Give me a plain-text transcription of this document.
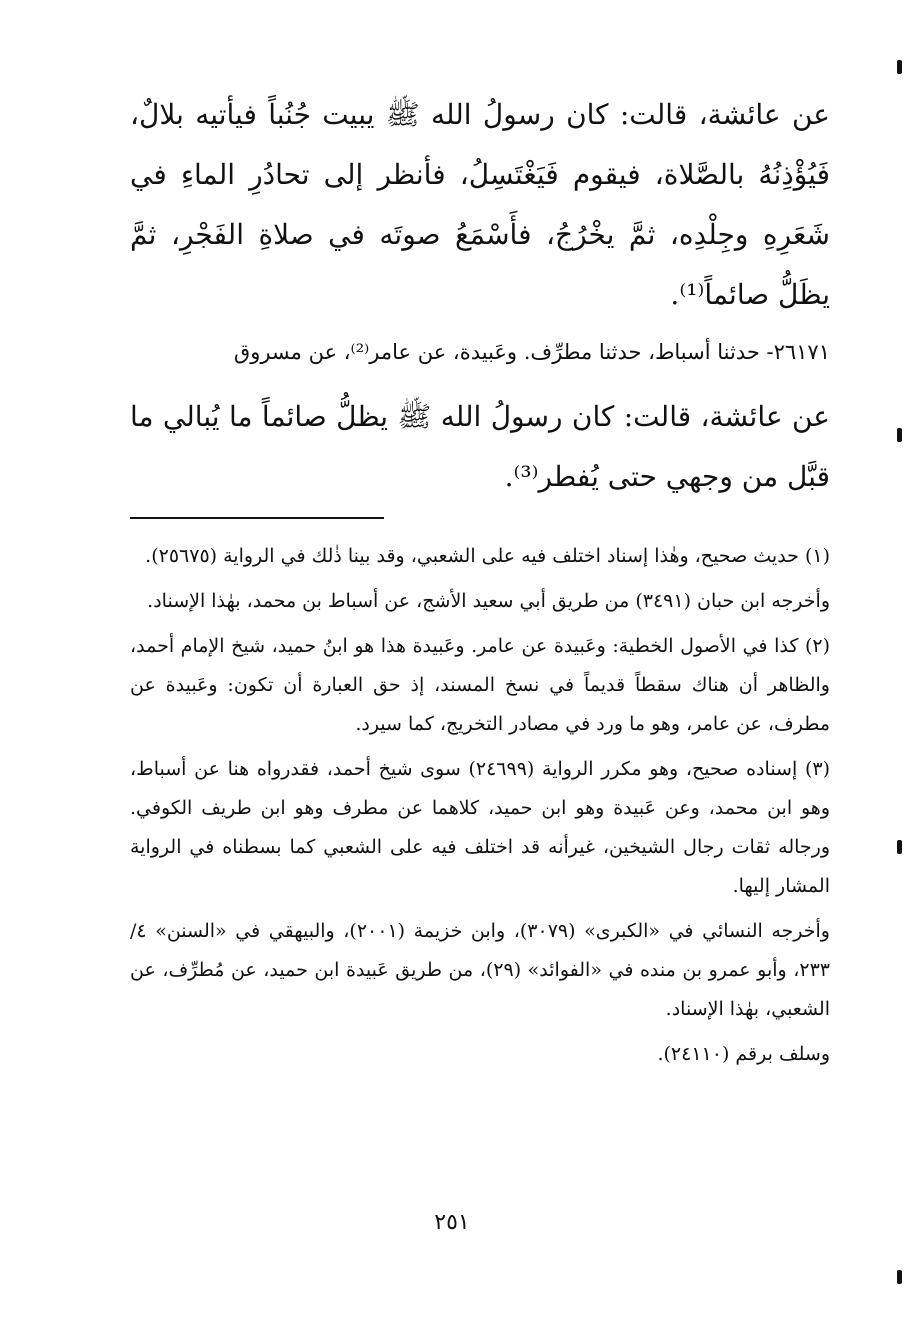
عن عائشة، قالت: كان رسولُ الله ﷺ يبيت جُنُباً فيأتيه بلالٌ، فَيُؤْذِنُهُ بالصَّلاة، فيقوم فَيَغْتَسِلُ، فأنظر إلى تحادُرِ الماءِ في شَعَرِهِ وجِلْدِه، ثمَّ يخْرُجُ، فأَسْمَعُ صوتَه في صلاةِ الفَجْرِ، ثمَّ يظَلُّ صائماً⁽¹⁾.

٢٦١٧١- حدثنا أسباط، حدثنا مطرِّف. وعَبيدة، عن عامر⁽²⁾، عن مسروق

عن عائشة، قالت: كان رسولُ الله ﷺ يظلُّ صائماً ما يُبالي ما قبَّل من وجهي حتى يُفطر⁽³⁾.

(١) حديث صحيح، وهٰذا إسناد اختلف فيه على الشعبي، وقد بينا ذٰلك في الرواية (٢٥٦٧٥).

وأخرجه ابن حبان (٣٤٩١) من طريق أبي سعيد الأشج، عن أسباط بن محمد، بهٰذا الإسناد.

(٢) كذا في الأصول الخطية: وعَبيدة عن عامر. وعَبيدة هذا هو ابنُ حميد، شيخ الإمام أحمد، والظاهر أن هناك سقطاً قديماً في نسخ المسند، إذ حق العبارة أن تكون: وعَبيدة عن مطرف، عن عامر، وهو ما ورد في مصادر التخريج، كما سيرد.

(٣) إسناده صحيح، وهو مكرر الرواية (٢٤٦٩٩) سوى شيخ أحمد، فقدرواه هنا عن أسباط، وهو ابن محمد، وعن عَبيدة وهو ابن حميد، كلاهما عن مطرف وهو ابن طريف الكوفي. ورجاله ثقات رجال الشيخين، غيرأنه قد اختلف فيه على الشعبي كما بسطناه في الرواية المشار إليها.

وأخرجه النسائي في «الكبرى» (٣٠٧٩)، وابن خزيمة (٢٠٠١)، والبيهقي في «السنن» ٤/ ٢٣٣، وأبو عمرو بن منده في «الفوائد» (٢٩)، من طريق عَبيدة ابن حميد، عن مُطرِّف، عن الشعبي، بهٰذا الإسناد.

وسلف برقم (٢٤١١٠).

٢٥١
